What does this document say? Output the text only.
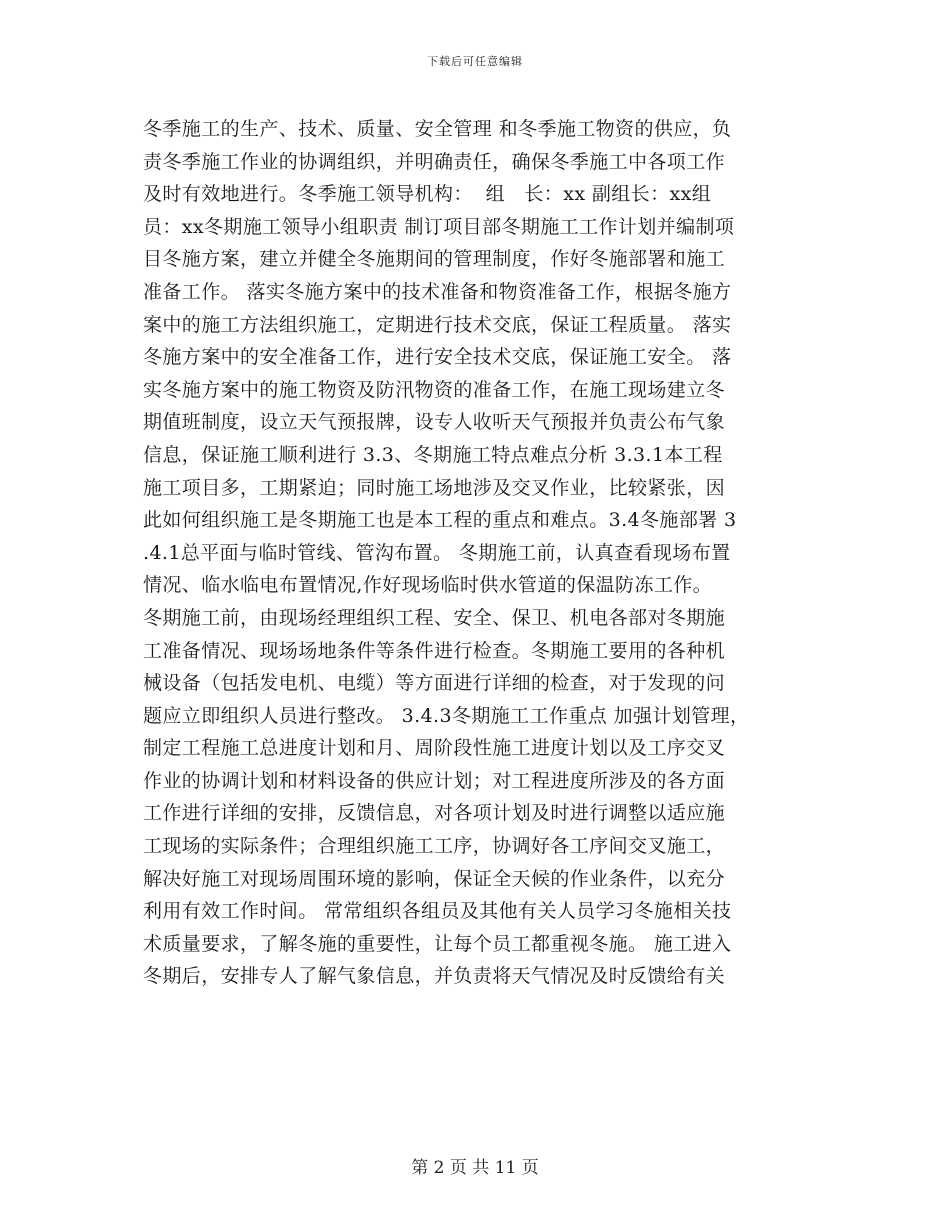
下载后可任意编辑
冬季施工的生产、技术、质量、安全管理 和冬季施工物资的供应，负
责冬季施工作业的协调组织，并明确责任，确保冬季施工中各项工作
及时有效地进行。冬季施工领导机构：  组   长：xx 副组长：xx组
员：xx冬期施工领导小组职责 制订项目部冬期施工工作计划并编制项
目冬施方案，建立并健全冬施期间的管理制度，作好冬施部署和施工
准备工作。 落实冬施方案中的技术准备和物资准备工作，根据冬施方
案中的施工方法组织施工，定期进行技术交底，保证工程质量。 落实
冬施方案中的安全准备工作，进行安全技术交底，保证施工安全。 落
实冬施方案中的施工物资及防汛物资的准备工作，在施工现场建立冬
期值班制度，设立天气预报牌，设专人收听天气预报并负责公布气象
信息，保证施工顺利进行 3.3、冬期施工特点难点分析 3.3.1本工程
施工项目多，工期紧迫；同时施工场地涉及交叉作业，比较紧张，因
此如何组织施工是冬期施工也是本工程的重点和难点。3.4冬施部署 3
.4.1总平面与临时管线、管沟布置。 冬期施工前，认真查看现场布置
情况、临水临电布置情况,作好现场临时供水管道的保温防冻工作。
冬期施工前，由现场经理组织工程、安全、保卫、机电各部对冬期施
工准备情况、现场场地条件等条件进行检查。冬期施工要用的各种机
械设备（包括发电机、电缆）等方面进行详细的检查，对于发现的问
题应立即组织人员进行整改。 3.4.3冬期施工工作重点 加强计划管理，
制定工程施工总进度计划和月、周阶段性施工进度计划以及工序交叉
作业的协调计划和材料设备的供应计划；对工程进度所涉及的各方面
工作进行详细的安排，反馈信息，对各项计划及时进行调整以适应施
工现场的实际条件；合理组织施工工序，协调好各工序间交叉施工，
解决好施工对现场周围环境的影响，保证全天候的作业条件，以充分
利用有效工作时间。 常常组织各组员及其他有关人员学习冬施相关技
术质量要求，了解冬施的重要性，让每个员工都重视冬施。 施工进入
冬期后，安排专人了解气象信息，并负责将天气情况及时反馈给有关
第 2 页 共 11 页
